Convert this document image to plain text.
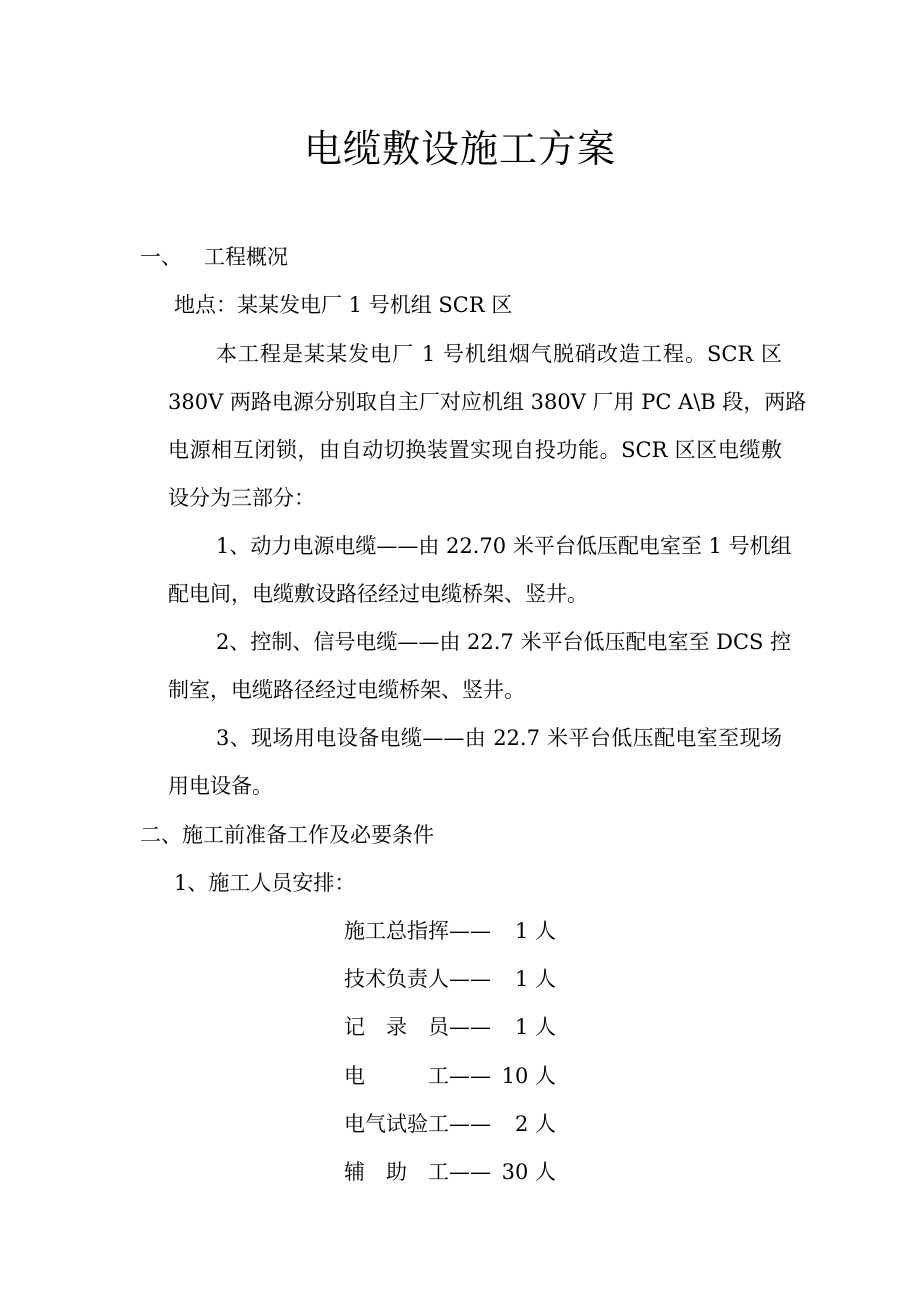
电缆敷设施工方案
一、 工程概况
地点：某某发电厂 1 号机组 SCR 区
本工程是某某发电厂 1 号机组烟气脱硝改造工程。SCR 区
380V 两路电源分别取自主厂对应机组 380V 厂用 PC A\B 段，两路
电源相互闭锁，由自动切换装置实现自投功能。SCR 区区电缆敷
设分为三部分：
1、动力电源电缆——由 22.70 米平台低压配电室至 1 号机组
配电间，电缆敷设路径经过电缆桥架、竖井。
2、控制、信号电缆——由 22.7 米平台低压配电室至 DCS 控
制室，电缆路径经过电缆桥架、竖井。
3、现场用电设备电缆——由 22.7 米平台低压配电室至现场
用电设备。
二、施工前准备工作及必要条件
1、施工人员安排：
施工总指挥—— 1 人
技术负责人—— 1 人
记　录　员—— 1 人
电　　　工—— 10 人
电气试验工—— 2 人
辅　助　工—— 30 人
